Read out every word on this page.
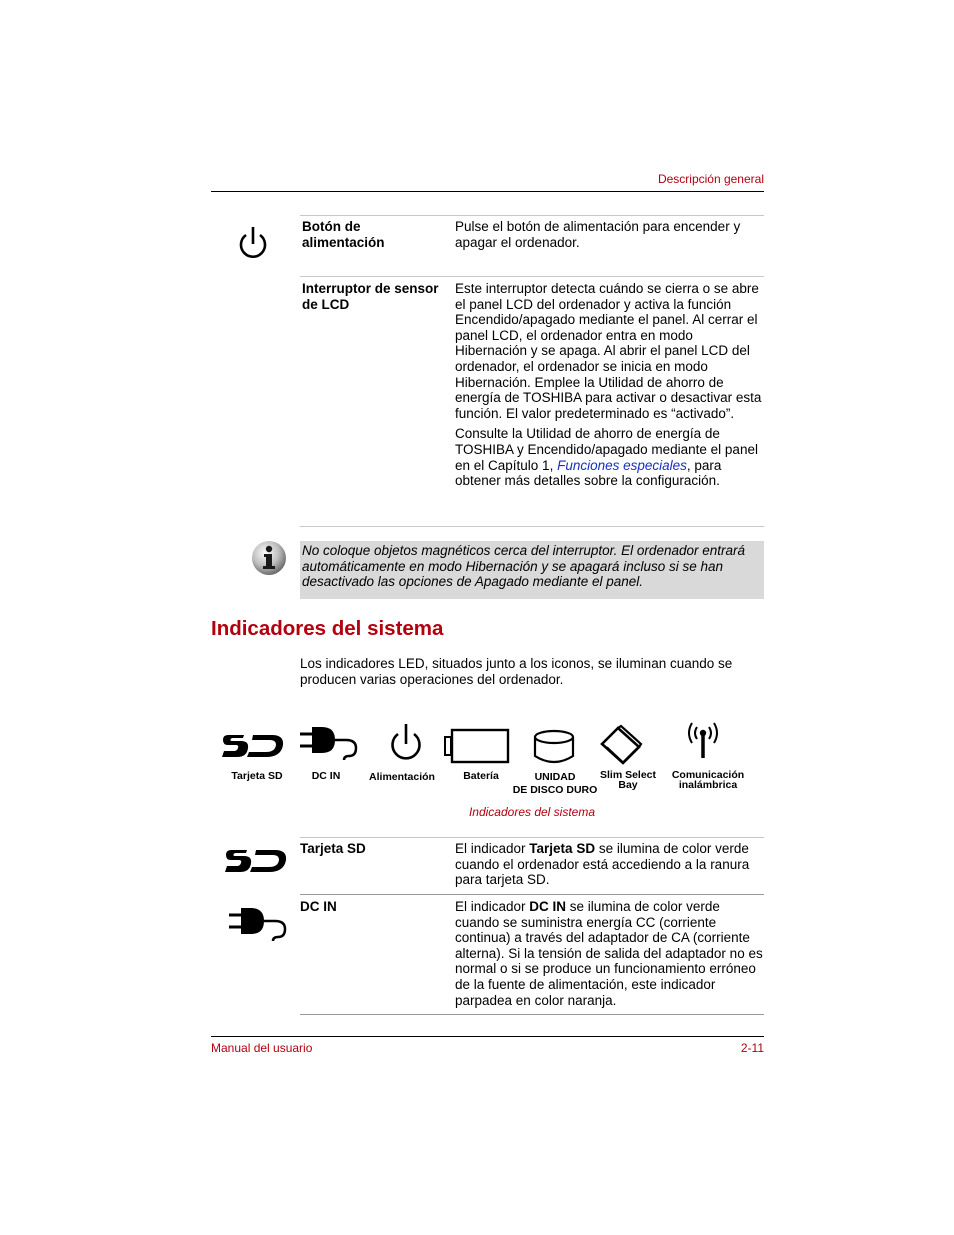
Descripción general
Botón de alimentación
Pulse el botón de alimentación para encender y apagar el ordenador.
Interruptor de sensor de LCD

Este interruptor detecta cuándo se cierra o se abre el panel LCD del ordenador y activa la función Encendido/apagado mediante el panel. Al cerrar el panel LCD, el ordenador entra en modo Hibernación y se apaga. Al abrir el panel LCD del ordenador, el ordenador se inicia en modo Hibernación. Emplee la Utilidad de ahorro de energía de TOSHIBA para activar o desactivar esta función. El valor predeterminado es “activado”.

Consulte la Utilidad de ahorro de energía de TOSHIBA y Encendido/apagado mediante el panel en el Capítulo 1, Funciones especiales, para obtener más detalles sobre la configuración.

No coloque objetos magnéticos cerca del interruptor. El ordenador entrará automáticamente en modo Hibernación y se apagará incluso si se han desactivado las opciones de Apagado mediante el panel.
Indicadores del sistema
Los indicadores LED, situados junto a los iconos, se iluminan cuando se producen varias operaciones del ordenador.
Tarjeta SD	DC IN	Alimentación	Batería	UNIDAD
DE DISCO DURO
Slim Select
Bay
Comunicación
inalámbrica
Indicadores del sistema
Tarjeta SD	El indicador Tarjeta SD se ilumina de color verde cuando el ordenador está accediendo a la ranura para tarjeta SD.
DC IN	El indicador DC IN se ilumina de color verde cuando se suministra energía CC (corriente continua) a través del adaptador de CA (corriente alterna). Si la tensión de salida del adaptador no es normal o si se produce un funcionamiento erróneo de la fuente de alimentación, este indicador parpadea en color naranja.
Manual del usuario	2-11
